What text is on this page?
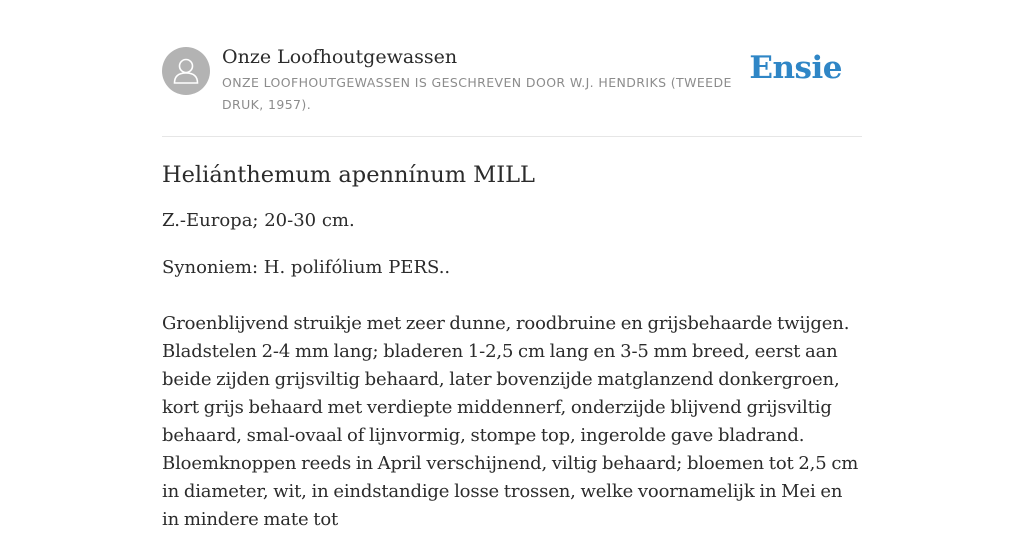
Onze Loofhoutgewassen
ONZE LOOFHOUTGEWASSEN IS GESCHREVEN DOOR W.J. HENDRIKS (TWEEDE DRUK, 1957).
Ensie
Heliánthemum apennínum MILL

Z.-Europa; 20-30 cm.

Synoniem: H. polifólium PERS..

Groenblijvend struikje met zeer dunne, roodbruine en grijsbehaarde twijgen. Bladstelen 2-4 mm lang; bladeren 1-2,5 cm lang en 3-5 mm breed, eerst aan beide zijden grijsviltig behaard, later bovenzijde matglanzend donkergroen, kort grijs behaard met verdiepte middennerf, onderzijde blijvend grijsviltig behaard, smal-ovaal of lijnvormig, stompe top, ingerolde gave bladrand. Bloemknoppen reeds in April verschijnend, viltig behaard; bloemen tot 2,5 cm in diameter, wit, in eindstandige losse trossen, welke voornamelijk in Mei en in mindere mate tot
